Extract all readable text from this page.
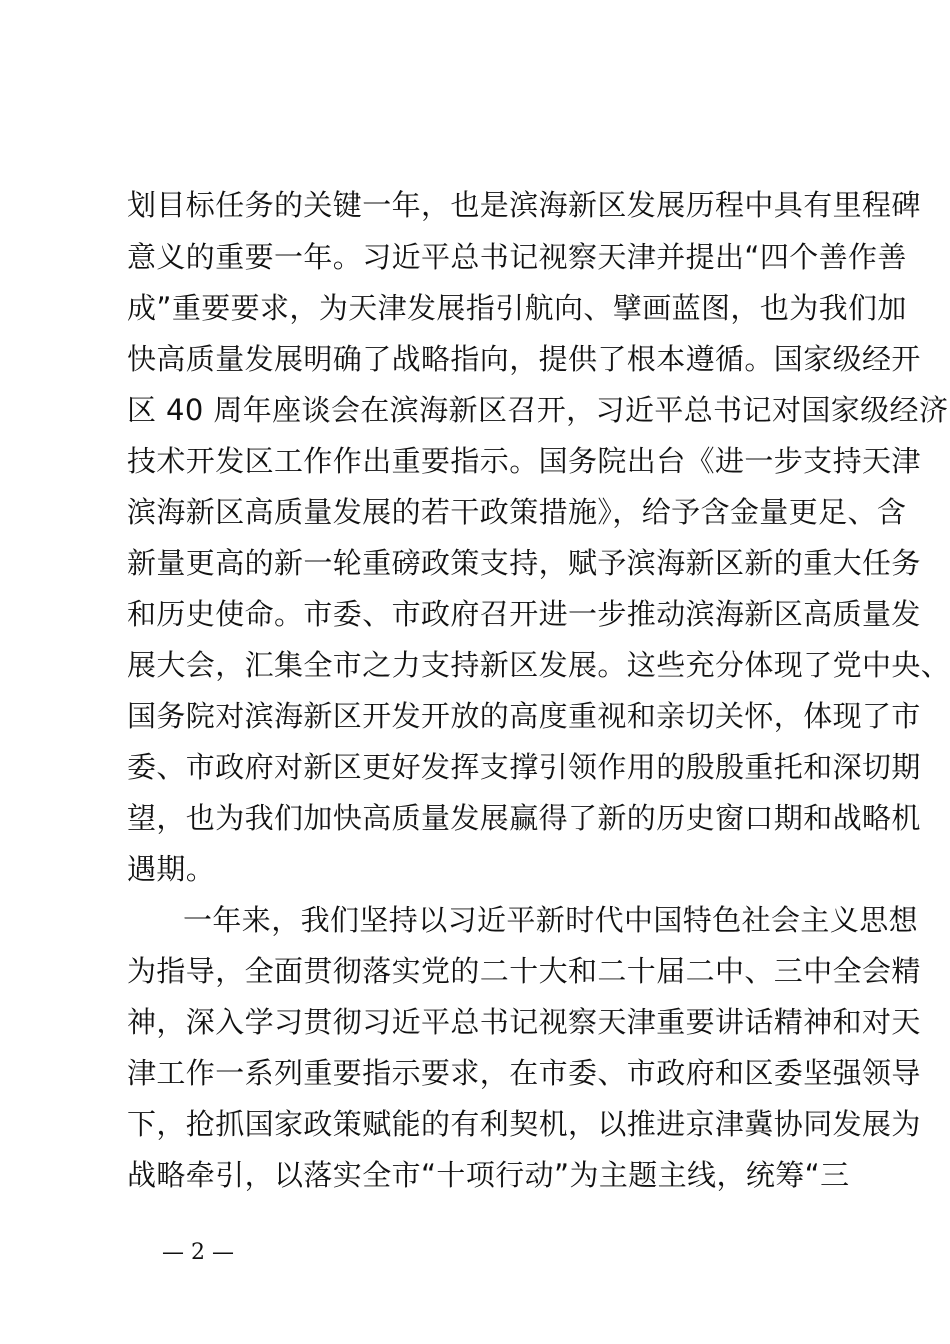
划目标任务的关键一年，也是滨海新区发展历程中具有里程碑
意义的重要一年。习近平总书记视察天津并提出“四个善作善
成”重要要求，为天津发展指引航向、擘画蓝图，也为我们加
快高质量发展明确了战略指向，提供了根本遵循。国家级经开
区 40 周年座谈会在滨海新区召开，习近平总书记对国家级经济
技术开发区工作作出重要指示。国务院出台《进一步支持天津
滨海新区高质量发展的若干政策措施》，给予含金量更足、含
新量更高的新一轮重磅政策支持，赋予滨海新区新的重大任务
和历史使命。市委、市政府召开进一步推动滨海新区高质量发
展大会，汇集全市之力支持新区发展。这些充分体现了党中央、
国务院对滨海新区开发开放的高度重视和亲切关怀，体现了市
委、市政府对新区更好发挥支撑引领作用的殷殷重托和深切期
望，也为我们加快高质量发展赢得了新的历史窗口期和战略机
遇期。
一年来，我们坚持以习近平新时代中国特色社会主义思想
为指导，全面贯彻落实党的二十大和二十届二中、三中全会精
神，深入学习贯彻习近平总书记视察天津重要讲话精神和对天
津工作一系列重要指示要求，在市委、市政府和区委坚强领导
下，抢抓国家政策赋能的有利契机，以推进京津冀协同发展为
战略牵引，以落实全市“十项行动”为主题主线，统筹“三
— 2 —
